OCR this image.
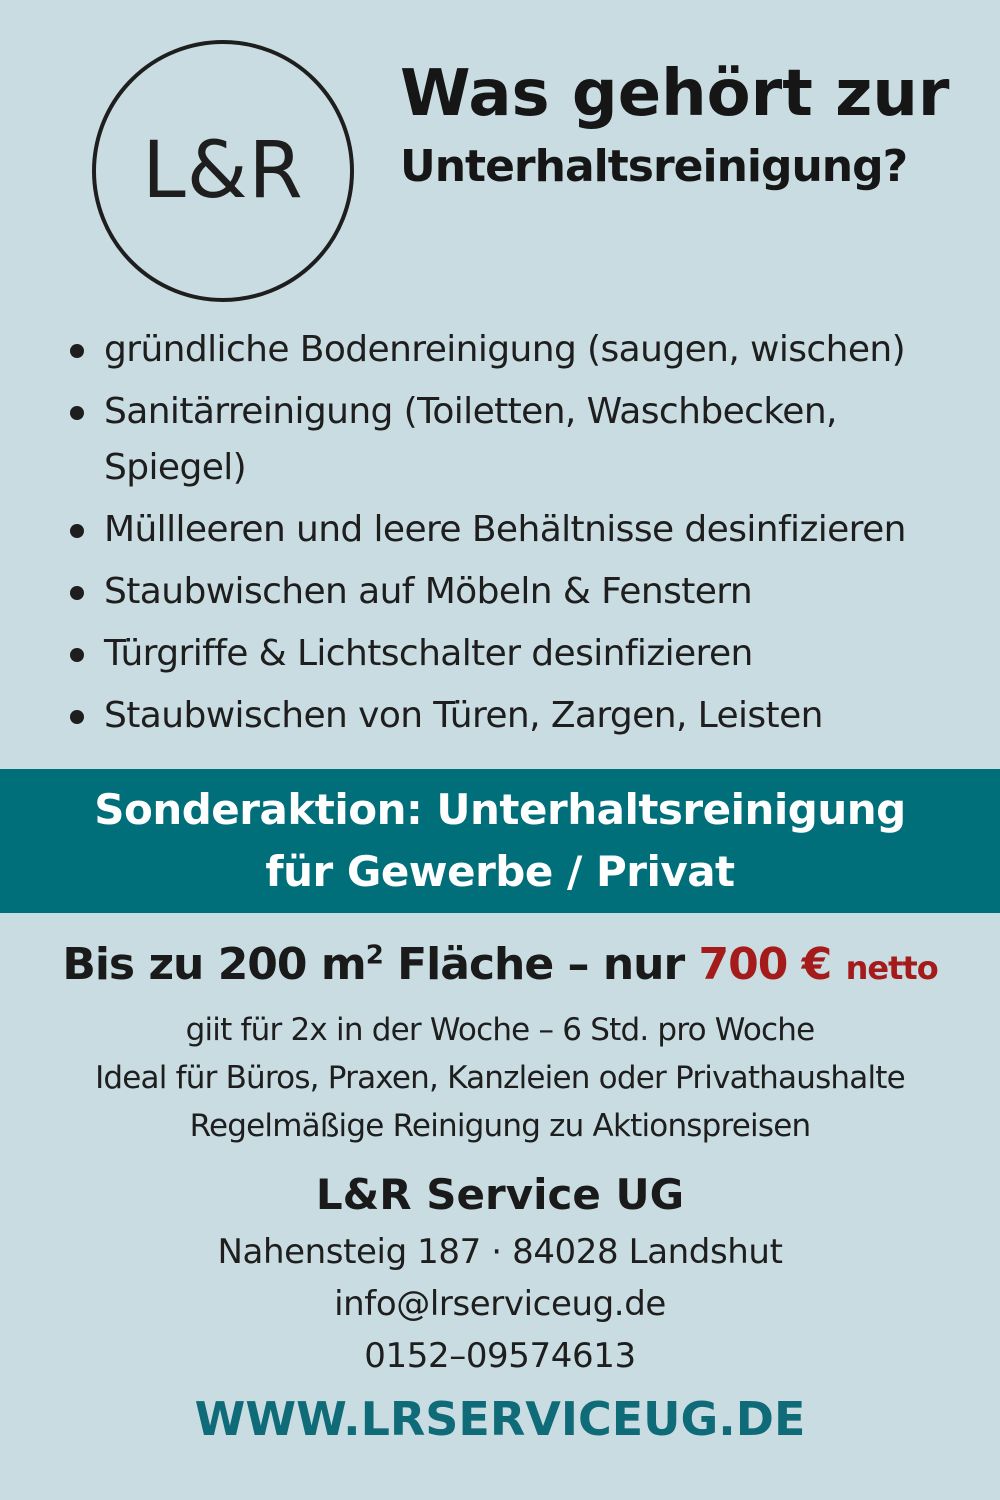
L&R
Was gehört zur
Unterhaltsreinigung?
gründliche Bodenreinigung (saugen, wischen)
Sanitärreinigung (Toiletten, Waschbecken, Spiegel)
Müllleeren und leere Behältnisse desinfizieren
Staubwischen auf Möbeln & Fenstern
Türgriffe & Lichtschalter desinfizieren
Staubwischen von Türen, Zargen, Leisten
Sonderaktion: Unterhaltsreinigung
für Gewerbe / Privat
Bis zu 200 $m^2$ Fläche – nur 700 € netto
giit für 2x in der Woche – 6 Std. pro Woche
Ideal für Büros, Praxen, Kanzleien oder Privathaushalte
Regelmäßige Reinigung zu Aktionspreisen
L&R Service UG
Nahensteig 187 · 84028 Landshut
info@lrserviceug.de
0152–09574613
WWW.LRSERVICEUG.DE
